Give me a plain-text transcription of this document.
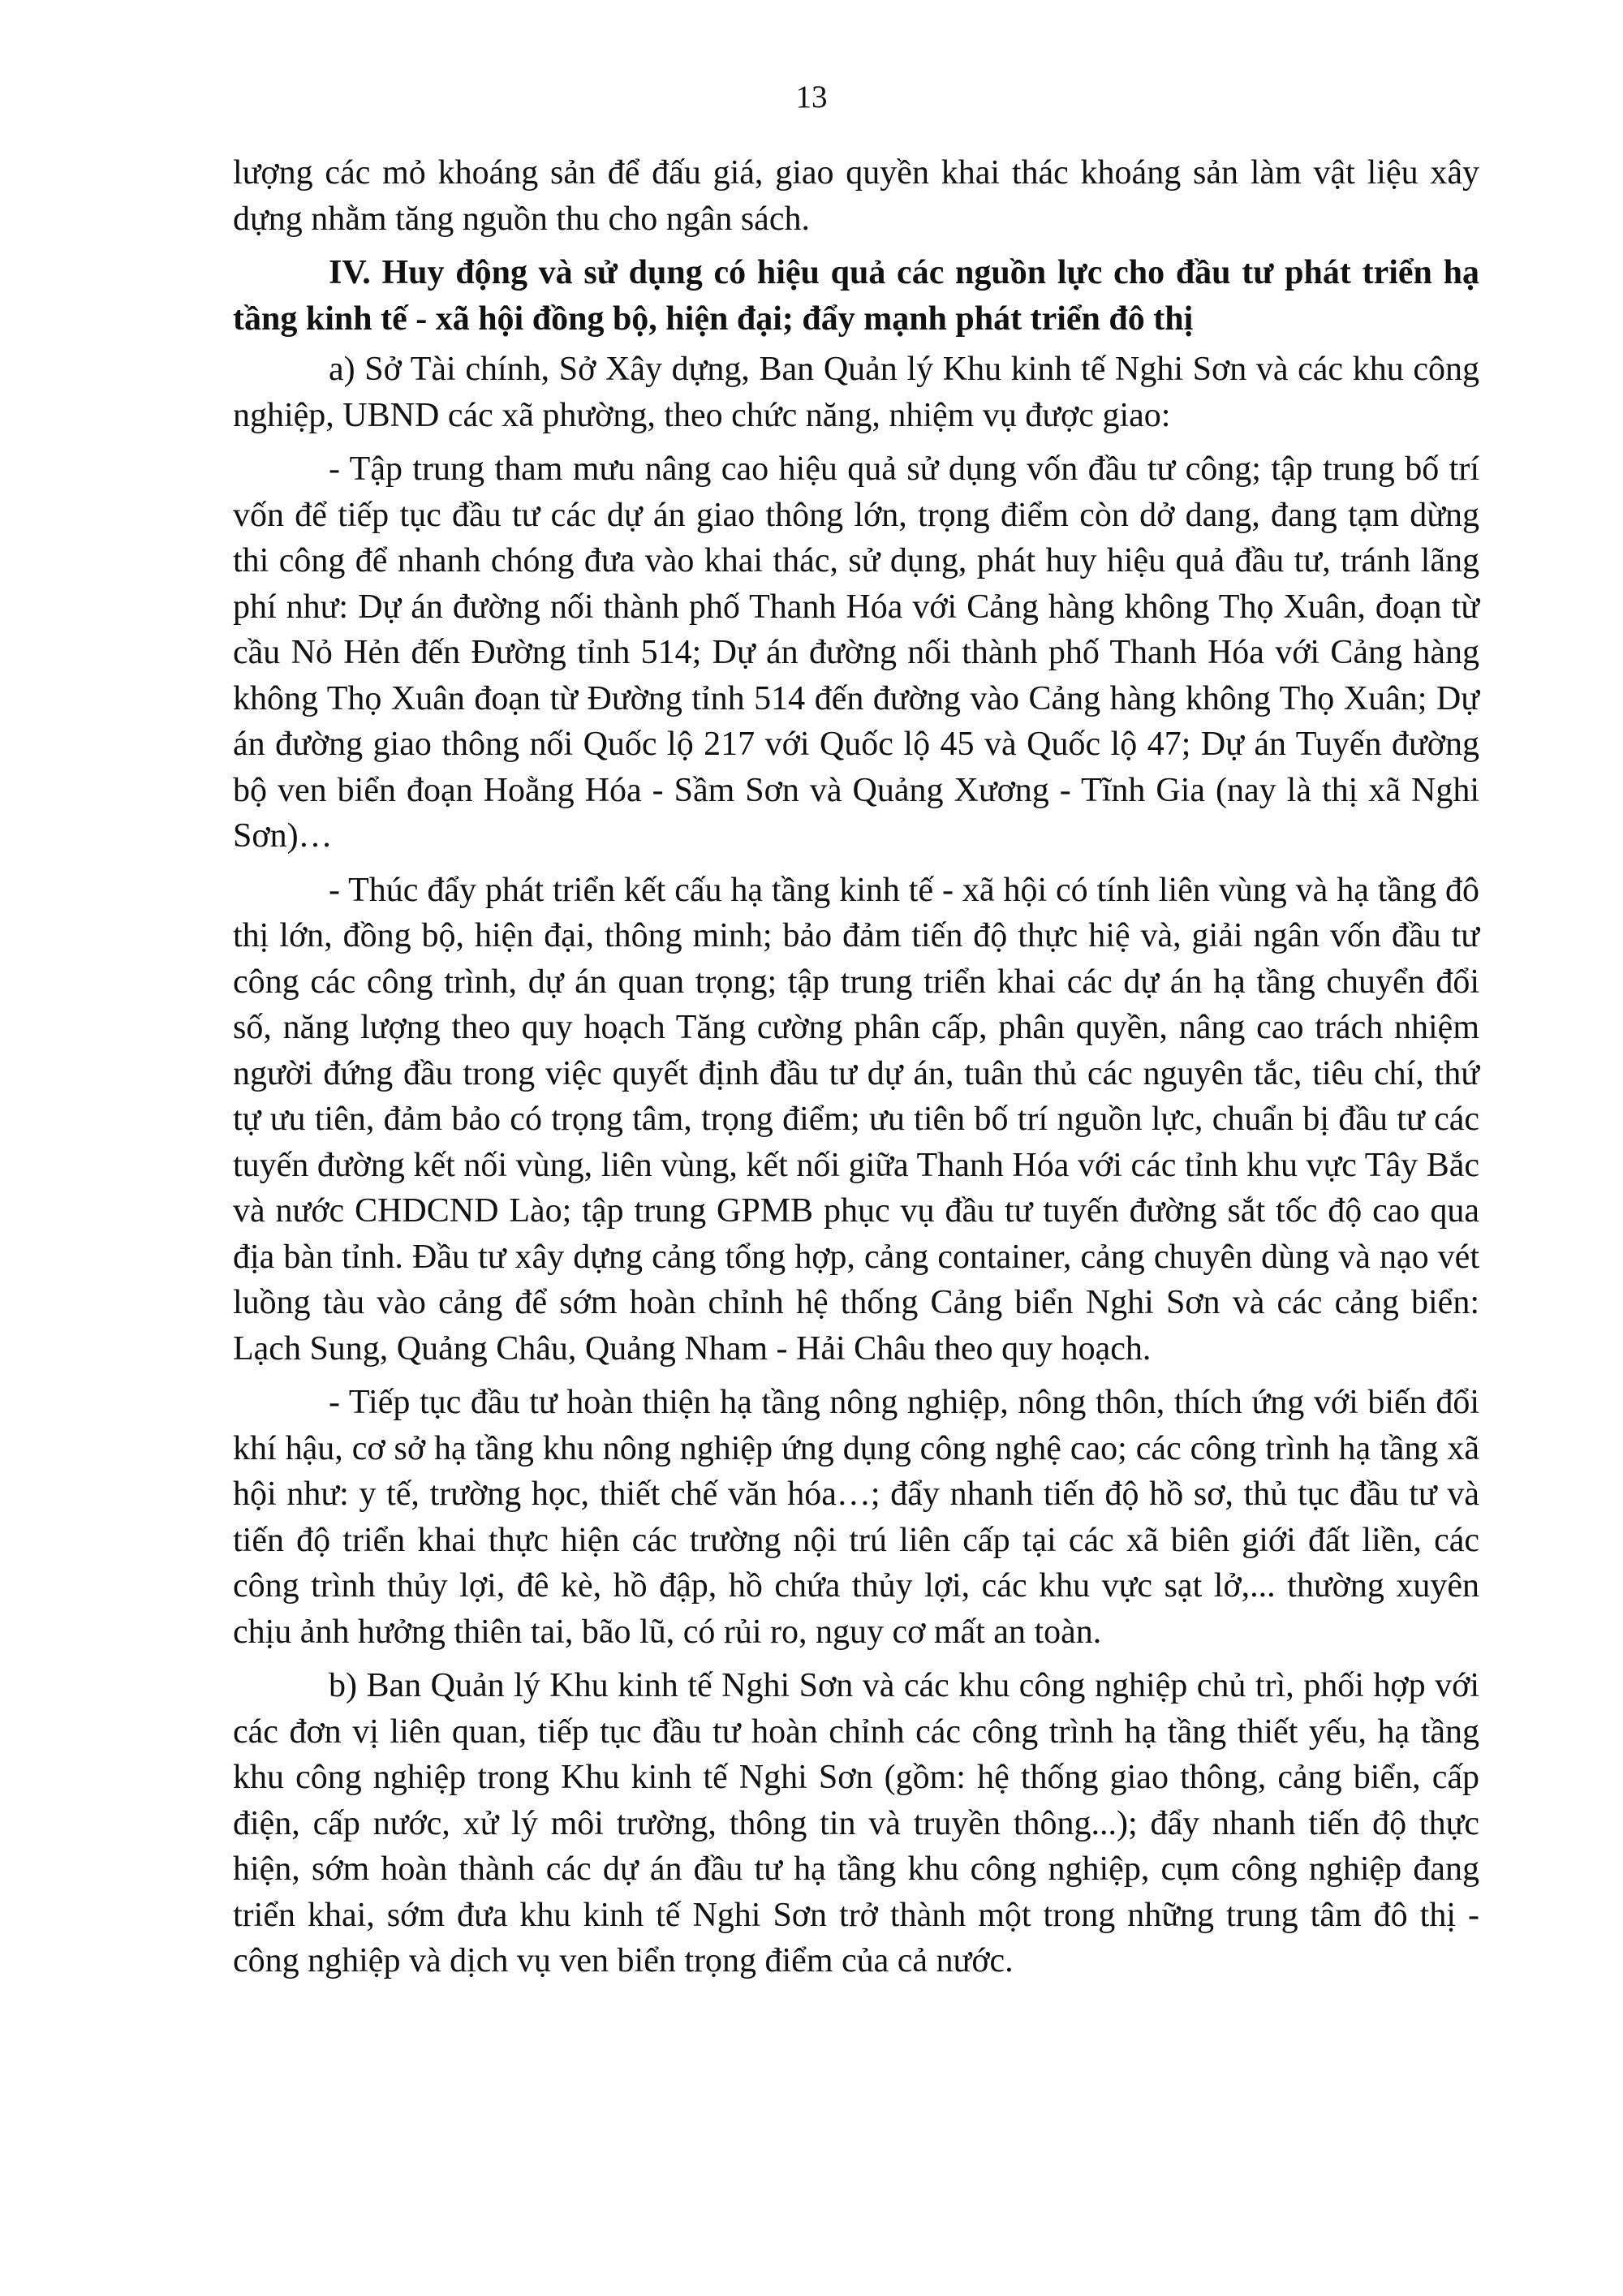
13

lượng các mỏ khoáng sản để đấu giá, giao quyền khai thác khoáng sản làm vật liệu xây dựng nhằm tăng nguồn thu cho ngân sách.

IV. Huy động và sử dụng có hiệu quả các nguồn lực cho đầu tư phát triển hạ tầng kinh tế - xã hội đồng bộ, hiện đại; đẩy mạnh phát triển đô thị

a) Sở Tài chính, Sở Xây dựng, Ban Quản lý Khu kinh tế Nghi Sơn và các khu công nghiệp, UBND các xã phường, theo chức năng, nhiệm vụ được giao:

- Tập trung tham mưu nâng cao hiệu quả sử dụng vốn đầu tư công; tập trung bố trí vốn để tiếp tục đầu tư các dự án giao thông lớn, trọng điểm còn dở dang, đang tạm dừng thi công để nhanh chóng đưa vào khai thác, sử dụng, phát huy hiệu quả đầu tư, tránh lãng phí như: Dự án đường nối thành phố Thanh Hóa với Cảng hàng không Thọ Xuân, đoạn từ cầu Nỏ Hẻn đến Đường tỉnh 514; Dự án đường nối thành phố Thanh Hóa với Cảng hàng không Thọ Xuân đoạn từ Đường tỉnh 514 đến đường vào Cảng hàng không Thọ Xuân; Dự án đường giao thông nối Quốc lộ 217 với Quốc lộ 45 và Quốc lộ 47; Dự án Tuyến đường bộ ven biển đoạn Hoằng Hóa - Sầm Sơn và Quảng Xương - Tĩnh Gia (nay là thị xã Nghi Sơn)…

- Thúc đẩy phát triển kết cấu hạ tầng kinh tế - xã hội có tính liên vùng và hạ tầng đô thị lớn, đồng bộ, hiện đại, thông minh; bảo đảm tiến độ thực hiệ và, giải ngân vốn đầu tư công các công trình, dự án quan trọng; tập trung triển khai các dự án hạ tầng chuyển đổi số, năng lượng theo quy hoạch Tăng cường phân cấp, phân quyền, nâng cao trách nhiệm người đứng đầu trong việc quyết định đầu tư dự án, tuân thủ các nguyên tắc, tiêu chí, thứ tự ưu tiên, đảm bảo có trọng tâm, trọng điểm; ưu tiên bố trí nguồn lực, chuẩn bị đầu tư các tuyến đường kết nối vùng, liên vùng, kết nối giữa Thanh Hóa với các tỉnh khu vực Tây Bắc và nước CHDCND Lào; tập trung GPMB phục vụ đầu tư tuyến đường sắt tốc độ cao qua địa bàn tỉnh. Đầu tư xây dựng cảng tổng hợp, cảng container, cảng chuyên dùng và nạo vét luồng tàu vào cảng để sớm hoàn chỉnh hệ thống Cảng biển Nghi Sơn và các cảng biển: Lạch Sung, Quảng Châu, Quảng Nham - Hải Châu theo quy hoạch.

- Tiếp tục đầu tư hoàn thiện hạ tầng nông nghiệp, nông thôn, thích ứng với biến đổi khí hậu, cơ sở hạ tầng khu nông nghiệp ứng dụng công nghệ cao; các công trình hạ tầng xã hội như: y tế, trường học, thiết chế văn hóa…; đẩy nhanh tiến độ hồ sơ, thủ tục đầu tư và tiến độ triển khai thực hiện các trường nội trú liên cấp tại các xã biên giới đất liền, các công trình thủy lợi, đê kè, hồ đập, hồ chứa thủy lợi, các khu vực sạt lở,... thường xuyên chịu ảnh hưởng thiên tai, bão lũ, có rủi ro, nguy cơ mất an toàn.

b) Ban Quản lý Khu kinh tế Nghi Sơn và các khu công nghiệp chủ trì, phối hợp với các đơn vị liên quan, tiếp tục đầu tư hoàn chỉnh các công trình hạ tầng thiết yếu, hạ tầng khu công nghiệp trong Khu kinh tế Nghi Sơn (gồm: hệ thống giao thông, cảng biển, cấp điện, cấp nước, xử lý môi trường, thông tin và truyền thông...); đẩy nhanh tiến độ thực hiện, sớm hoàn thành các dự án đầu tư hạ tầng khu công nghiệp, cụm công nghiệp đang triển khai, sớm đưa khu kinh tế Nghi Sơn trở thành một trong những trung tâm đô thị - công nghiệp và dịch vụ ven biển trọng điểm của cả nước.
